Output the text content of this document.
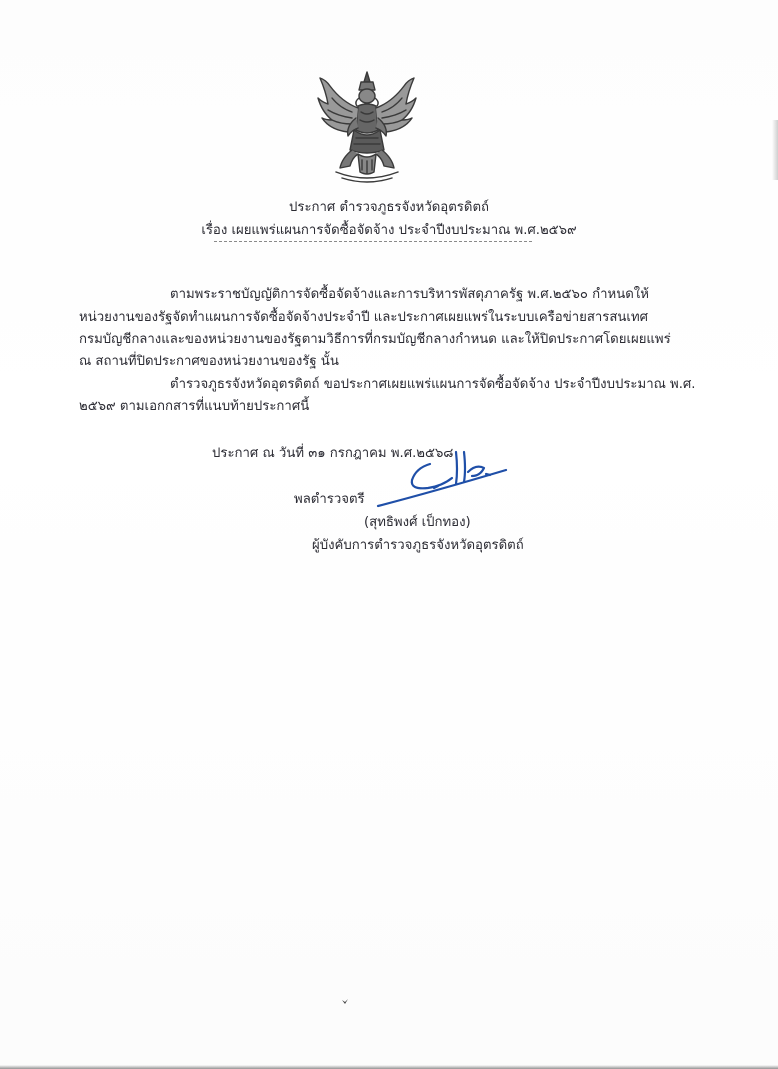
ประกาศ ตำรวจภูธรจังหวัดอุตรดิตถ์
เรื่อง เผยแพร่แผนการจัดซื้อจัดจ้าง ประจำปีงบประมาณ พ.ศ.๒๕๖๙
ตามพระราชบัญญัติการจัดซื้อจัดจ้างและการบริหารพัสดุภาครัฐ พ.ศ.๒๕๖๐ กำหนดให้
หน่วยงานของรัฐจัดทำแผนการจัดซื้อจัดจ้างประจำปี และประกาศเผยแพร่ในระบบเครือข่ายสารสนเทศ
กรมบัญชีกลางและของหน่วยงานของรัฐตามวิธีการที่กรมบัญชีกลางกำหนด และให้ปิดประกาศโดยเผยแพร่
ณ สถานที่ปิดประกาศของหน่วยงานของรัฐ นั้น
ตำรวจภูธรจังหวัดอุตรดิตถ์ ขอประกาศเผยแพร่แผนการจัดซื้อจัดจ้าง ประจำปีงบประมาณ พ.ศ.
๒๕๖๙ ตามเอกกสารที่แนบท้ายประกาศนี้
ประกาศ ณ วันที่ ๓๑ กรกฎาคม พ.ศ.๒๕๖๘
พลตำรวจตรี
(สุทธิพงศ์ เป็กทอง)
ผู้บังคับการตำรวจภูธรจังหวัดอุตรดิตถ์
